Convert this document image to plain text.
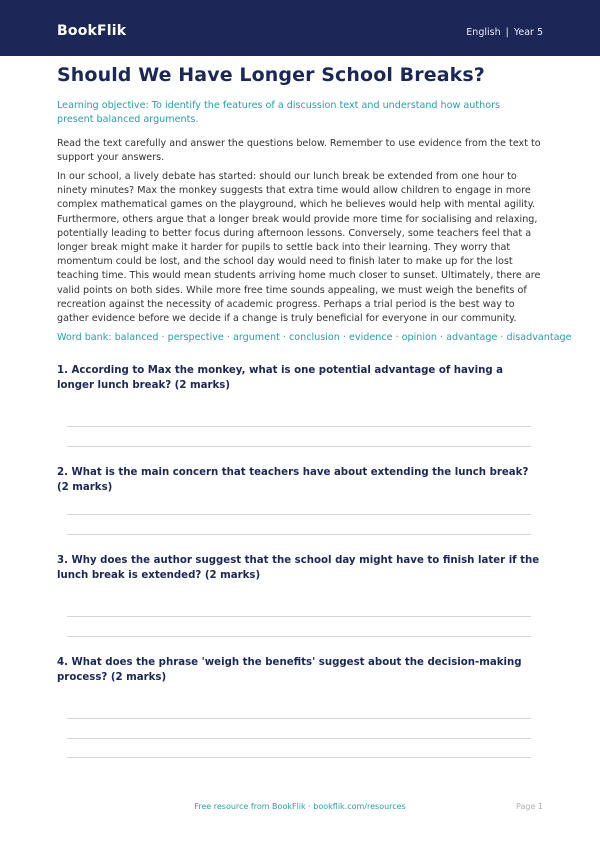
BookFlik	English | Year 5
Should We Have Longer School Breaks?

Learning objective: To identify the features of a discussion text and understand how authors present balanced arguments.

Read the text carefully and answer the questions below. Remember to use evidence from the text to support your answers.

In our school, a lively debate has started: should our lunch break be extended from one hour to ninety minutes? Max the monkey suggests that extra time would allow children to engage in more complex mathematical games on the playground, which he believes would help with mental agility. Furthermore, others argue that a longer break would provide more time for socialising and relaxing, potentially leading to better focus during afternoon lessons. Conversely, some teachers feel that a longer break might make it harder for pupils to settle back into their learning. They worry that momentum could be lost, and the school day would need to finish later to make up for the lost teaching time. This would mean students arriving home much closer to sunset. Ultimately, there are valid points on both sides. While more free time sounds appealing, we must weigh the benefits of recreation against the necessity of academic progress. Perhaps a trial period is the best way to gather evidence before we decide if a change is truly beneficial for everyone in our community.

Word bank: balanced · perspective · argument · conclusion · evidence · opinion · advantage · disadvantage

1. According to Max the monkey, what is one potential advantage of having a longer lunch break? (2 marks)

2. What is the main concern that teachers have about extending the lunch break? (2 marks)

3. Why does the author suggest that the school day might have to finish later if the lunch break is extended? (2 marks)

4. What does the phrase 'weigh the benefits' suggest about the decision-making process? (2 marks)

Free resource from BookFlik · bookflik.com/resources	Page 1
